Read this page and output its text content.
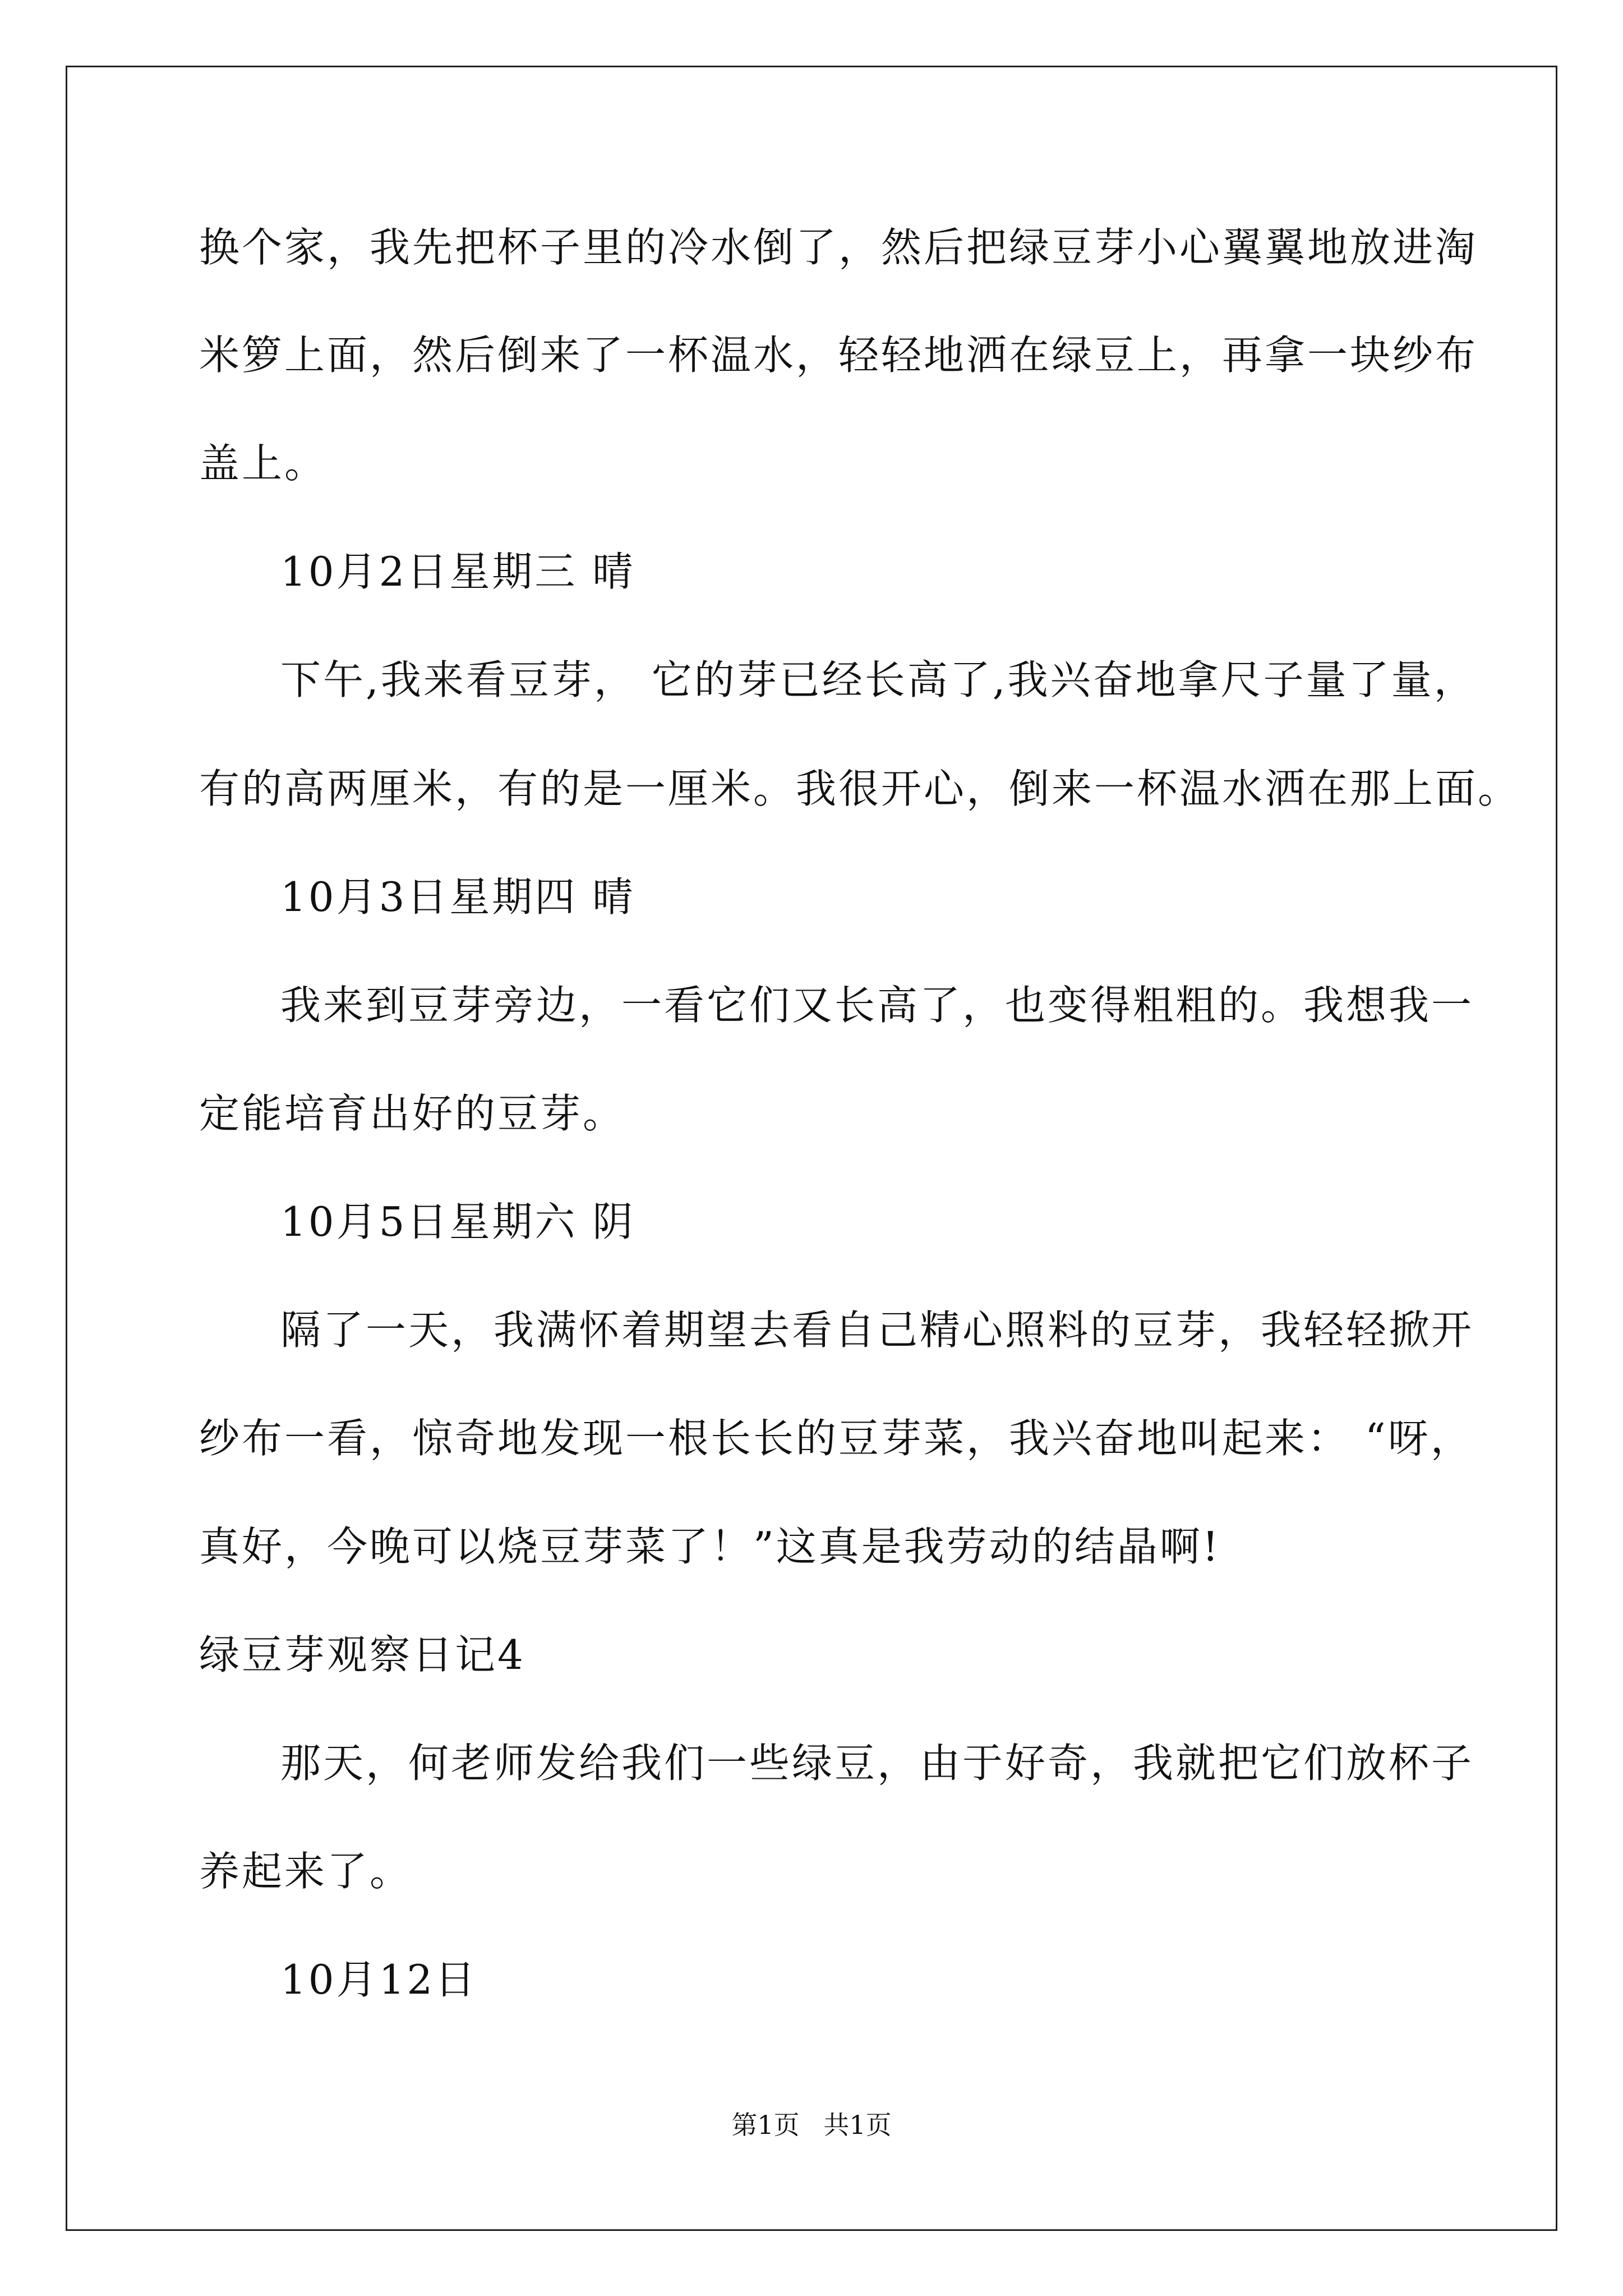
换个家，我先把杯子里的冷水倒了，然后把绿豆芽小心翼翼地放进淘
米箩上面，然后倒来了一杯温水，轻轻地洒在绿豆上，再拿一块纱布
盖上。
10月2日星期三 晴
下午,我来看豆芽， 它的芽已经长高了,我兴奋地拿尺子量了量，
有的高两厘米，有的是一厘米。我很开心，倒来一杯温水洒在那上面。
10月3日星期四 晴
我来到豆芽旁边，一看它们又长高了，也变得粗粗的。我想我一
定能培育出好的豆芽。
10月5日星期六 阴
隔了一天，我满怀着期望去看自己精心照料的豆芽，我轻轻掀开
纱布一看，惊奇地发现一根长长的豆芽菜，我兴奋地叫起来： “呀，
真好，今晚可以烧豆芽菜了！”这真是我劳动的结晶啊!
绿豆芽观察日记4
那天，何老师发给我们一些绿豆，由于好奇，我就把它们放杯子
养起来了。
10月12日
第1页 共1页
